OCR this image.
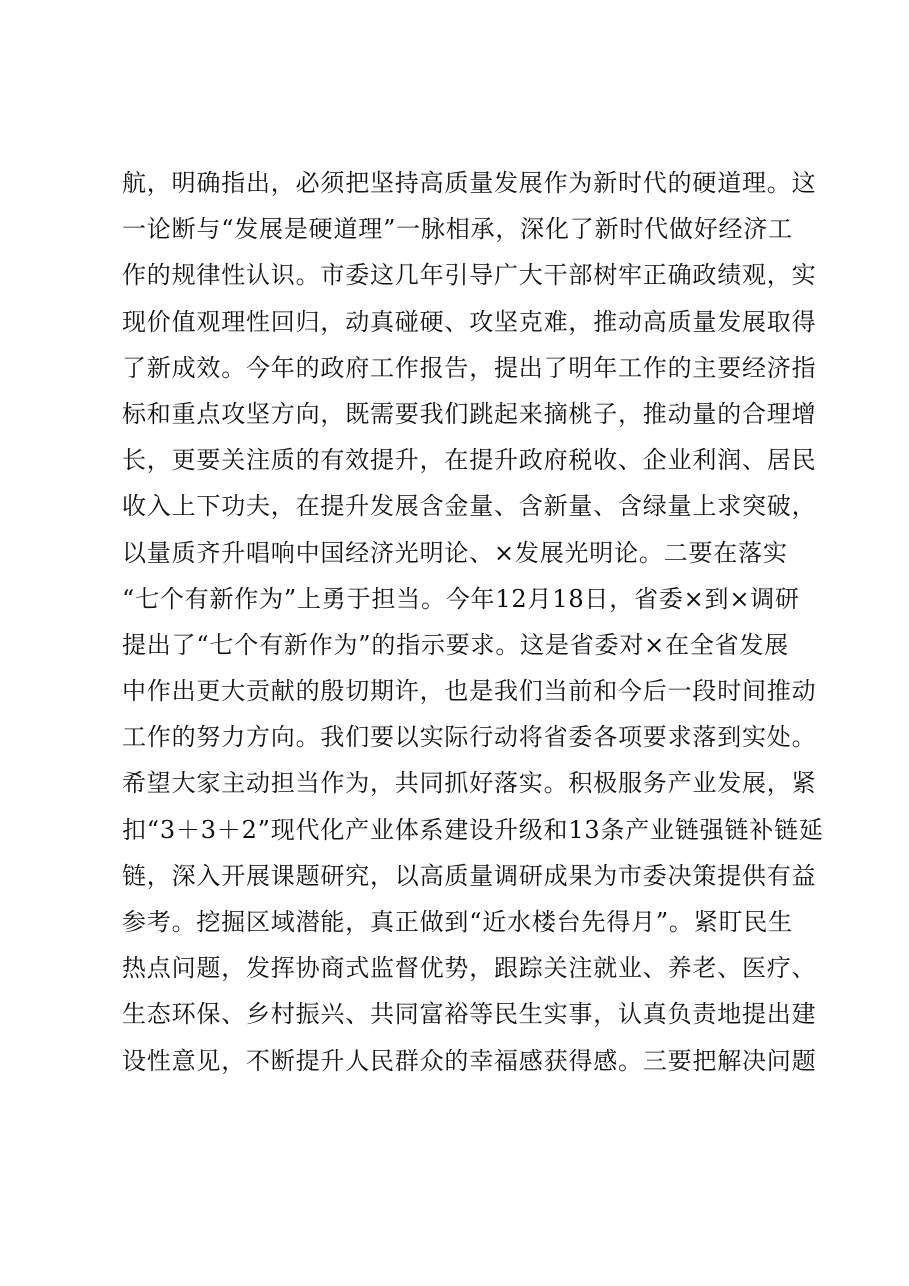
航，明确指出，必须把坚持高质量发展作为新时代的硬道理。这
一论断与“发展是硬道理”一脉相承，深化了新时代做好经济工
作的规律性认识。市委这几年引导广大干部树牢正确政绩观，实
现价值观理性回归，动真碰硬、攻坚克难，推动高质量发展取得
了新成效。今年的政府工作报告，提出了明年工作的主要经济指
标和重点攻坚方向，既需要我们跳起来摘桃子，推动量的合理增
长，更要关注质的有效提升，在提升政府税收、企业利润、居民
收入上下功夫，在提升发展含金量、含新量、含绿量上求突破，
以量质齐升唱响中国经济光明论、×发展光明论。二要在落实
“七个有新作为”上勇于担当。今年12月18日，省委×到×调研
提出了“七个有新作为”的指示要求。这是省委对×在全省发展
中作出更大贡献的殷切期许，也是我们当前和今后一段时间推动
工作的努力方向。我们要以实际行动将省委各项要求落到实处。
希望大家主动担当作为，共同抓好落实。积极服务产业发展，紧
扣“3＋3＋2”现代化产业体系建设升级和13条产业链强链补链延
链，深入开展课题研究，以高质量调研成果为市委决策提供有益
参考。挖掘区域潜能，真正做到“近水楼台先得月”。紧盯民生
热点问题，发挥协商式监督优势，跟踪关注就业、养老、医疗、
生态环保、乡村振兴、共同富裕等民生实事，认真负责地提出建
设性意见，不断提升人民群众的幸福感获得感。三要把解决问题
